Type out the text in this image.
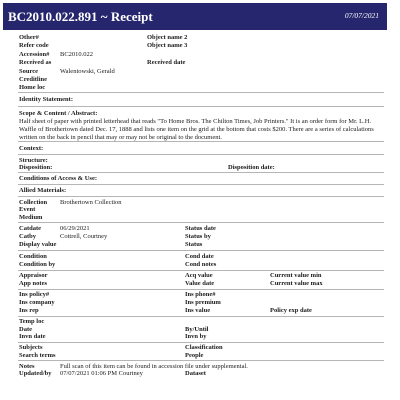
BC2010.022.891 ~ Receipt	07/07/2021
Other#	Object name 2
Refer code	Object name 3
Accession# BC2010.022
Received as	Received date
Source	Walentowski, Gerald
Creditline
Home loc
Identity Statement:
Scope & Content / Abstract:
Half sheet of paper with printed letterhead that reads "To Home Bros. The Chilton Times, Job Printers." It is an order form for Mr. L.H. Waffle of Brothertown dated Dec. 17, 1888 and lists one item on the grid at the bottom that costs $200. There are a series of calculations written on the back in pencil that may or may not be original to the document.
Context:
Structure:
Disposition:	Disposition date:
Conditions of Access & Use:
Allied Materials:
Collection Brothertown Collection
Event
Medium
Catdate	06/29/2021	Status date
Catby	Cottrell, Courtney	Status by
Display value	Status
Condition	Cond date
Condition by	Cond notes
Appraisor	Acq value	Current value min
App notes	Value date	Current value max
Ins policy#	Ins phone#
Ins company	Ins premium
Ins rep	Ins value	Policy exp date
Temp loc
Date	By/Until
Invn date	Invn by
Subjects	Classification
Search terms	People
Notes	Full scan of this item can be found in accession file under supplemental.
Updated/by 07/07/2021 01:06 PM Courtney	Dataset
